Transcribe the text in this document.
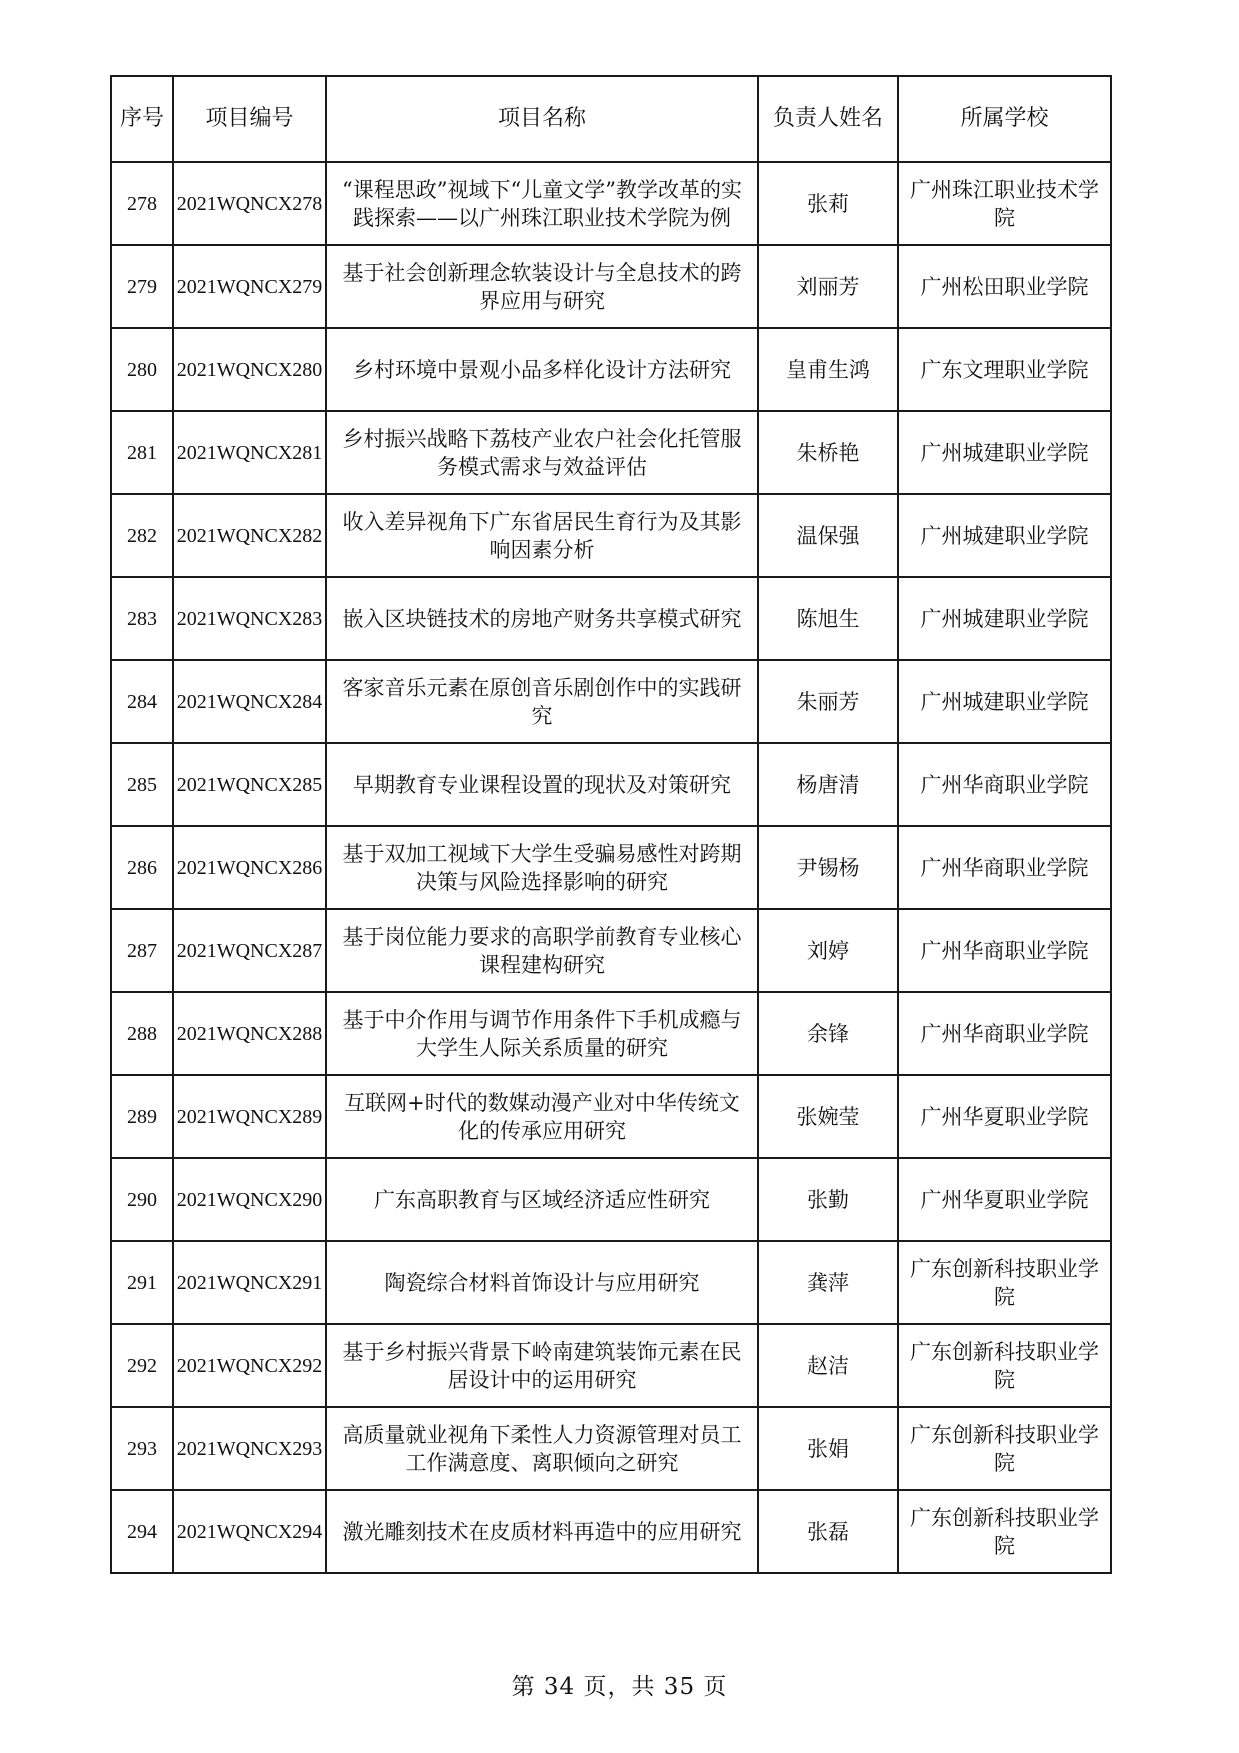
序号	项目编号	项目名称	负责人姓名	所属学校
278	2021WQNCX278	“课程思政”视域下“儿童文学”教学改革的实践探索——以广州珠江职业技术学院为例	张莉	广州珠江职业技术学院
279	2021WQNCX279	基于社会创新理念软装设计与全息技术的跨界应用与研究	刘丽芳	广州松田职业学院
280	2021WQNCX280	乡村环境中景观小品多样化设计方法研究	皇甫生鸿	广东文理职业学院
281	2021WQNCX281	乡村振兴战略下荔枝产业农户社会化托管服务模式需求与效益评估	朱桥艳	广州城建职业学院
282	2021WQNCX282	收入差异视角下广东省居民生育行为及其影响因素分析	温保强	广州城建职业学院
283	2021WQNCX283	嵌入区块链技术的房地产财务共享模式研究	陈旭生	广州城建职业学院
284	2021WQNCX284	客家音乐元素在原创音乐剧创作中的实践研究	朱丽芳	广州城建职业学院
285	2021WQNCX285	早期教育专业课程设置的现状及对策研究	杨唐清	广州华商职业学院
286	2021WQNCX286	基于双加工视域下大学生受骗易感性对跨期决策与风险选择影响的研究	尹锡杨	广州华商职业学院
287	2021WQNCX287	基于岗位能力要求的高职学前教育专业核心课程建构研究	刘婷	广州华商职业学院
288	2021WQNCX288	基于中介作用与调节作用条件下手机成瘾与大学生人际关系质量的研究	余锋	广州华商职业学院
289	2021WQNCX289	互联网+时代的数媒动漫产业对中华传统文化的传承应用研究	张婉莹	广州华夏职业学院
290	2021WQNCX290	广东高职教育与区域经济适应性研究	张勤	广州华夏职业学院
291	2021WQNCX291	陶瓷综合材料首饰设计与应用研究	龚萍	广东创新科技职业学院
292	2021WQNCX292	基于乡村振兴背景下岭南建筑装饰元素在民居设计中的运用研究	赵洁	广东创新科技职业学院
293	2021WQNCX293	高质量就业视角下柔性人力资源管理对员工工作满意度、离职倾向之研究	张娟	广东创新科技职业学院
294	2021WQNCX294	激光雕刻技术在皮质材料再造中的应用研究	张磊	广东创新科技职业学院
第 34 页，共 35 页
